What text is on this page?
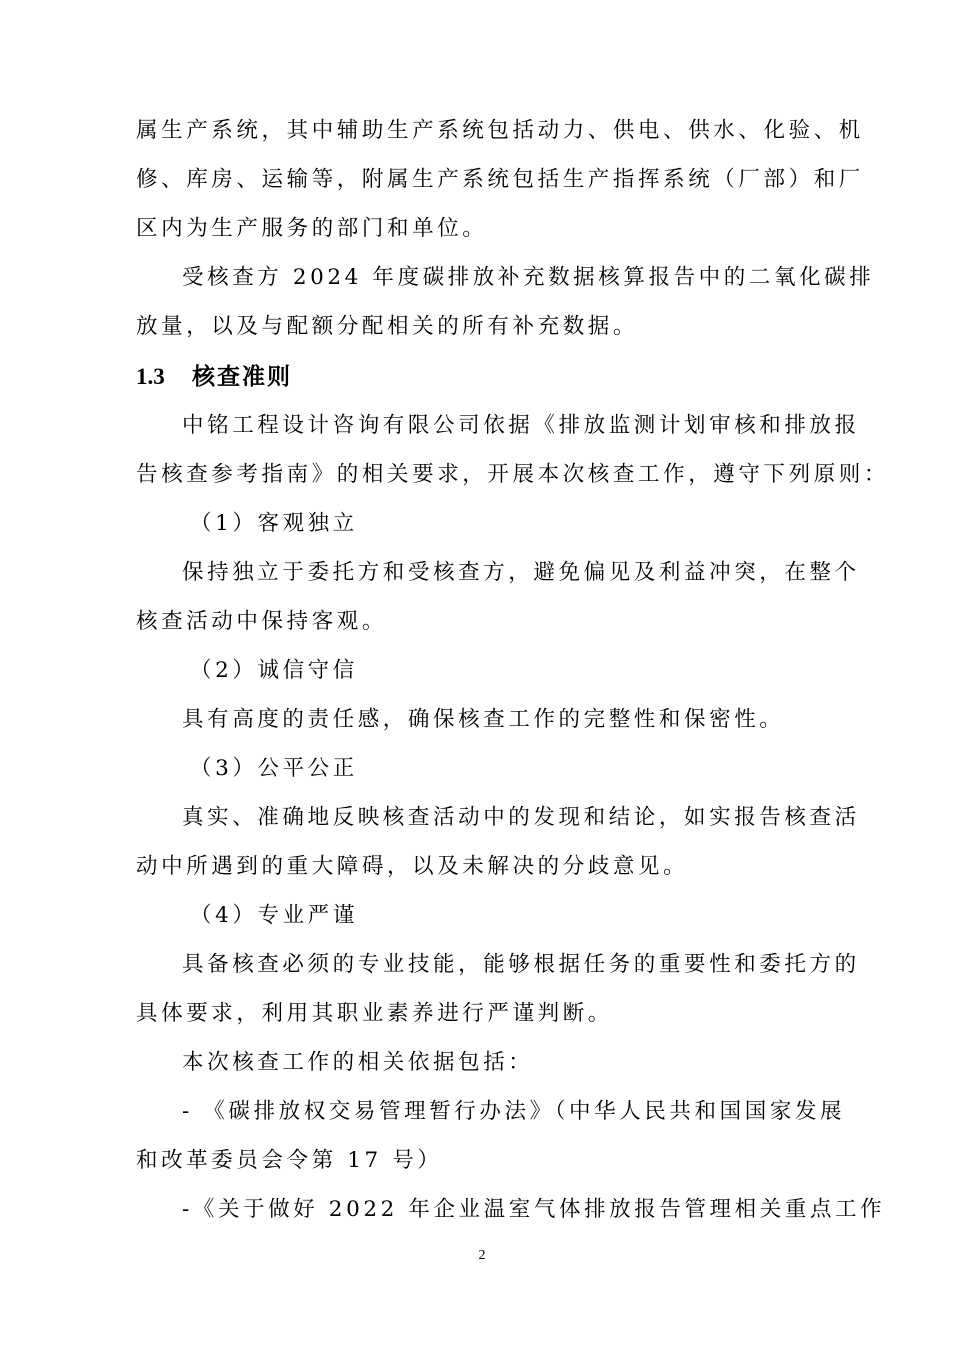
属生产系统，其中辅助生产系统包括动力、供电、供水、化验、机
修、库房、运输等，附属生产系统包括生产指挥系统（厂部）和厂
区内为生产服务的部门和单位。
受核查方 2024 年度碳排放补充数据核算报告中的二氧化碳排
放量，以及与配额分配相关的所有补充数据。
1.3 核查准则
中铭工程设计咨询有限公司依据《排放监测计划审核和排放报
告核查参考指南》的相关要求，开展本次核查工作，遵守下列原则：
（1）客观独立
保持独立于委托方和受核查方，避免偏见及利益冲突，在整个
核查活动中保持客观。
（2）诚信守信
具有高度的责任感，确保核查工作的完整性和保密性。
（3）公平公正
真实、准确地反映核查活动中的发现和结论，如实报告核查活
动中所遇到的重大障碍，以及未解决的分歧意见。
（4）专业严谨
具备核查必须的专业技能，能够根据任务的重要性和委托方的
具体要求，利用其职业素养进行严谨判断。
本次核查工作的相关依据包括：
- 《碳排放权交易管理暂行办法》（中华人民共和国国家发展
和改革委员会令第 17 号）
-《关于做好 2022 年企业温室气体排放报告管理相关重点工作
2
